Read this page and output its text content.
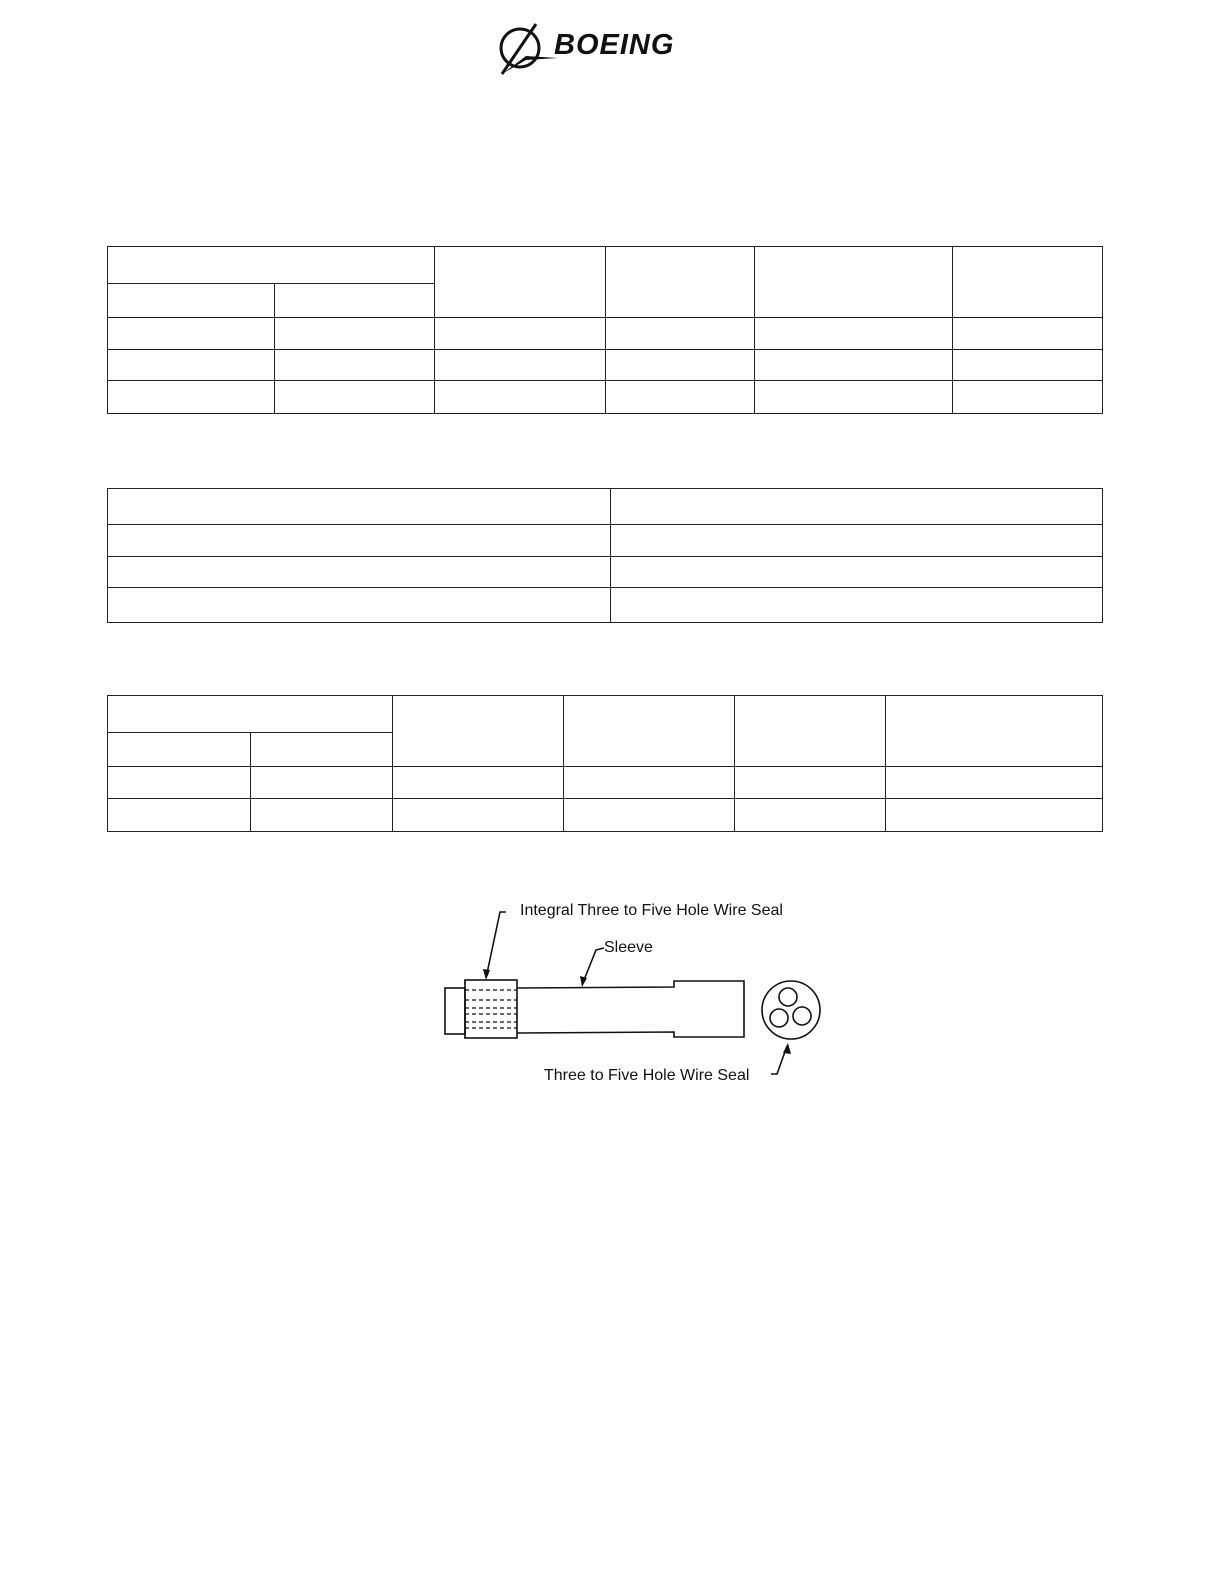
BOEING

Integral Three to Five Hole Wire Seal
Sleeve
Three to Five Hole Wire Seal
